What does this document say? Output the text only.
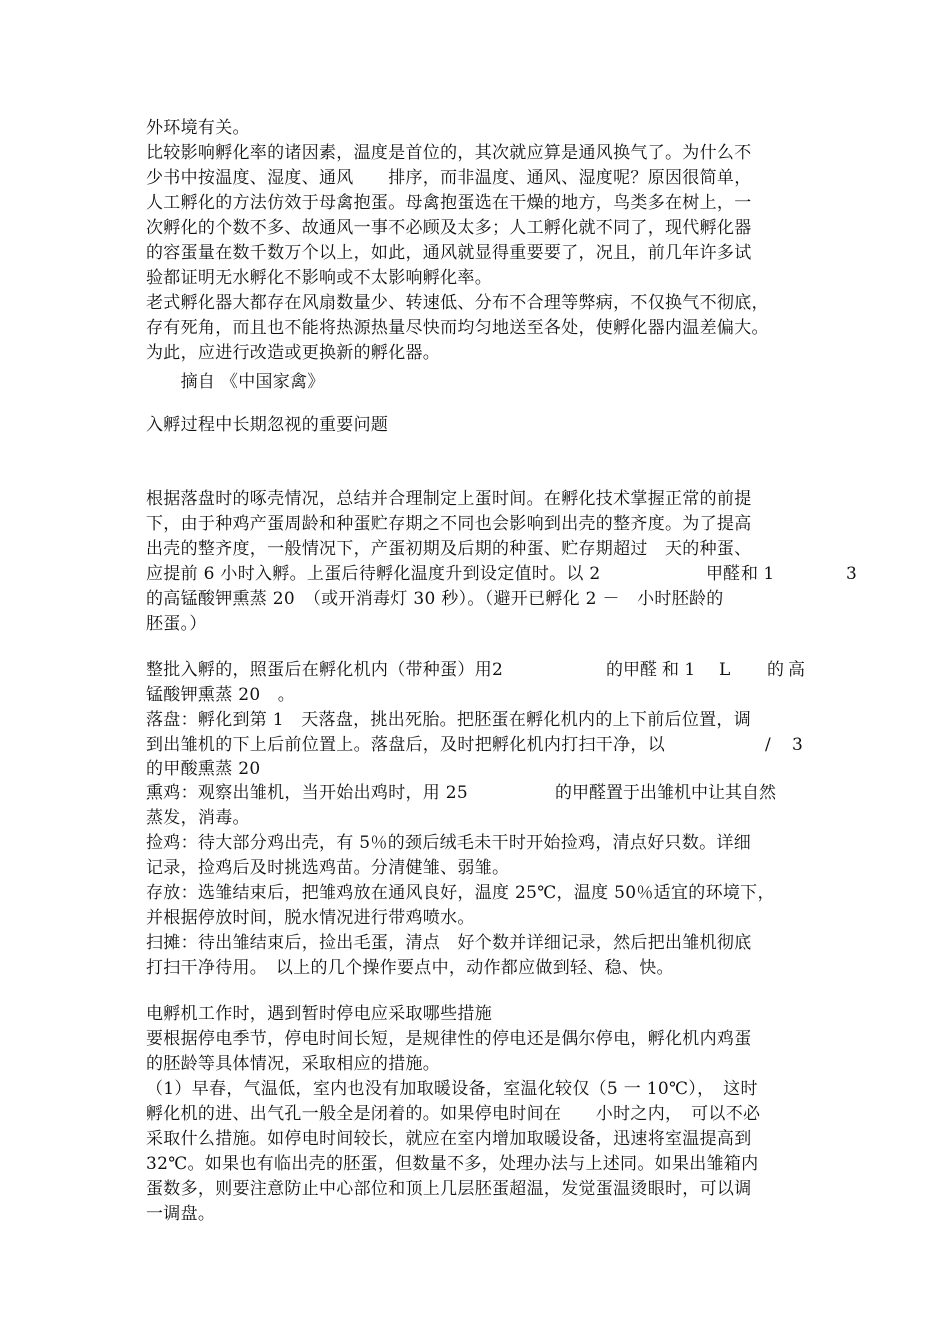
外环境有关。
比较影响孵化率的诸因素，温度是首位的，其次就应算是通风换气了。为什么不
少书中按温度、湿度、通风　　排序，而非温度、通风、湿度呢？原因很简单，
人工孵化的方法仿效于母禽抱蛋。母禽抱蛋选在干燥的地方，鸟类多在树上，一
次孵化的个数不多、故通风一事不必顾及太多；人工孵化就不同了，现代孵化器
的容蛋量在数千数万个以上，如此，通风就显得重要要了，况且，前几年许多试
验都证明无水孵化不影响或不太影响孵化率。
老式孵化器大都存在风扇数量少、转速低、分布不合理等弊病，不仅换气不彻底，
存有死角，而且也不能将热源热量尽快而均匀地送至各处，使孵化器内温差偏大。
为此，应进行改造或更换新的孵化器。
　　摘自 《中国家禽》
入孵过程中长期忽视的重要问题
根据落盘时的啄壳情况，总结并合理制定上蛋时间。在孵化技术掌握正常的前提
下，由于种鸡产蛋周龄和种蛋贮存期之不同也会影响到出壳的整齐度。为了提高
出壳的整齐度，一般情况下，产蛋初期及后期的种蛋、贮存期超过　天的种蛋、
应提前 6 小时入孵。上蛋后待孵化温度升到设定值时。以 2	甲醛 和 1	3
的高锰酸钾熏蒸 20　（或开消毒灯 30 秒）。（避开已孵化 2 －　小时胚龄的
胚蛋。）
整批入孵的，照蛋后在孵化机内（带种蛋）用2	的甲醛 和 1 L 的 高
锰酸钾熏蒸 20　。
落盘：孵化到第 1　天落盘，挑出死胎。把胚蛋在孵化机内的上下前后位置，调
到出雏机的下上后前位置上。落盘后，及时把孵化机内打扫干净，以	/ 3
的甲酸熏蒸 20
熏鸡：观察出雏机，当开始出鸡时，用 25	的甲醛置于出雏机中让其自然
蒸发，消毒。
捡鸡：待大部分鸡出壳，有 5％的颈后绒毛未干时开始捡鸡，清点好只数。详细
记录，捡鸡后及时挑选鸡苗。分清健雏、弱雏。
存放：选雏结束后，把雏鸡放在通风良好，温度 25℃，温度 50％适宜的环境下，
并根据停放时间，脱水情况进行带鸡喷水。
扫摊：待出雏结束后，捡出毛蛋，清点　好个数并详细记录，然后把出雏机彻底
打扫干净待用。　以上的几个操作要点中，动作都应做到轻、稳、快。
电孵机工作时，遇到暂时停电应采取哪些措施
要根据停电季节，停电时间长短，是规律性的停电还是偶尔停电，孵化机内鸡蛋
的胚龄等具体情况，采取相应的措施。
（1）早春，气温低，室内也没有加取暖设备，室温化较仅（5 一 10℃），　这时
孵化机的进、出气孔一般全是闭着的。如果停电时间在　　小时之内，　可以不必
采取什么措施。如停电时间较长，就应在室内增加取暖设备，迅速将室温提高到
32℃。如果也有临出壳的胚蛋，但数量不多，处理办法与上述同。如果出雏箱内
蛋数多，则要注意防止中心部位和顶上几层胚蛋超温，发觉蛋温烫眼时，可以调
一调盘。
